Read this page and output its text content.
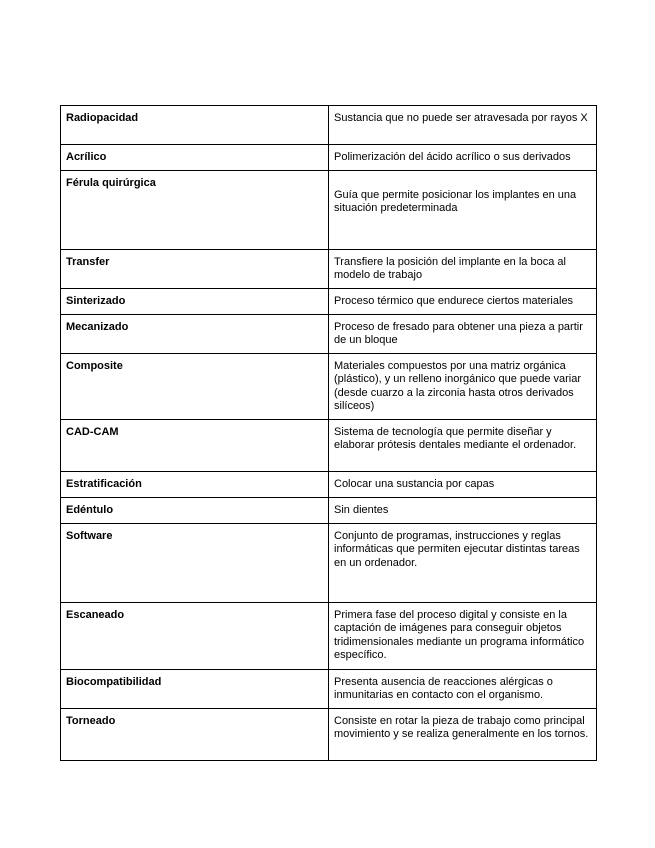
Radiopacidad	Sustancia que no puede ser atravesada por rayos X
Acrílico	Polimerización del ácido acrílico o sus derivados
Férula quirúrgica	Guía que permite posicionar los implantes en una situación predeterminada

Transfer	Transfiere la posición del implante en la boca al modelo de trabajo
Sinterizado	Proceso térmico que endurece ciertos materiales
Mecanizado	Proceso de fresado para obtener una pieza a partir de un bloque
Composite	Materiales compuestos por una matriz orgánica (plástico), y un relleno inorgánico que puede variar (desde cuarzo a la zirconia hasta otros derivados silíceos)
CAD-CAM	Sistema de tecnología que permite diseñar y elaborar prótesis dentales mediante el ordenador.
Estratificación	Colocar una sustancia por capas
Edéntulo	Sin dientes
Software	Conjunto de programas, instrucciones y reglas informáticas que permiten ejecutar distintas tareas en un ordenador.
Escaneado	Primera fase del proceso digital y consiste en la captación de imágenes para conseguir objetos tridimensionales mediante un programa informático específico.
Biocompatibilidad	Presenta ausencia de reacciones alérgicas o inmunitarias en contacto con el organismo.
Torneado	Consiste en rotar la pieza de trabajo como principal movimiento y se realiza generalmente en los tornos.
